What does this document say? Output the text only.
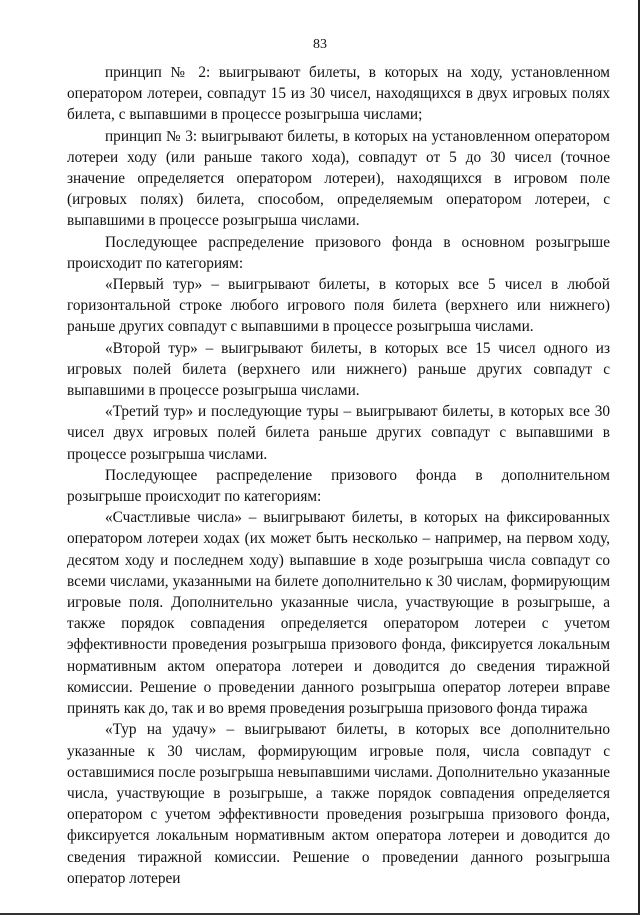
83

принцип № 2: выигрывают билеты, в которых на ходу, установленном оператором лотереи, совпадут 15 из 30 чисел, находящихся в двух игровых полях билета, с выпавшими в процессе розыгрыша числами;

принцип № 3: выигрывают билеты, в которых на установленном оператором лотереи ходу (или раньше такого хода), совпадут от 5 до 30 чисел (точное значение определяется оператором лотереи), находящихся в игровом поле (игровых полях) билета, способом, определяемым оператором лотереи, с выпавшими в процессе розыгрыша числами.

Последующее распределение призового фонда в основном розыгрыше происходит по категориям:

«Первый тур» – выигрывают билеты, в которых все 5 чисел в любой горизонтальной строке любого игрового поля билета (верхнего или нижнего) раньше других совпадут с выпавшими в процессе розыгрыша числами.

«Второй тур» – выигрывают билеты, в которых все 15 чисел одного из игровых полей билета (верхнего или нижнего) раньше других совпадут с выпавшими в процессе розыгрыша числами.

«Третий тур» и последующие туры – выигрывают билеты, в которых все 30 чисел двух игровых полей билета раньше других совпадут с выпавшими в процессе розыгрыша числами.

Последующее распределение призового фонда в дополнительном розыгрыше происходит по категориям:

«Счастливые числа» – выигрывают билеты, в которых на фиксированных оператором лотереи ходах (их может быть несколько – например, на первом ходу, десятом ходу и последнем ходу) выпавшие в ходе розыгрыша числа совпадут со всеми числами, указанными на билете дополнительно к 30 числам, формирующим игровые поля. Дополнительно указанные числа, участвующие в розыгрыше, а также порядок совпадения определяется оператором лотереи с учетом эффективности проведения розыгрыша призового фонда, фиксируется локальным нормативным актом оператора лотереи и доводится до сведения тиражной комиссии. Решение о проведении данного розыгрыша оператор лотереи вправе принять как до, так и во время проведения розыгрыша призового фонда тиража

«Тур на удачу» – выигрывают билеты, в которых все дополнительно указанные к 30 числам, формирующим игровые поля, числа совпадут с оставшимися после розыгрыша невыпавшими числами. Дополнительно указанные числа, участвующие в розыгрыше, а также порядок совпадения определяется оператором с учетом эффективности проведения розыгрыша призового фонда, фиксируется локальным нормативным актом оператора лотереи и доводится до сведения тиражной комиссии. Решение о проведении данного розыгрыша оператор лотереи
